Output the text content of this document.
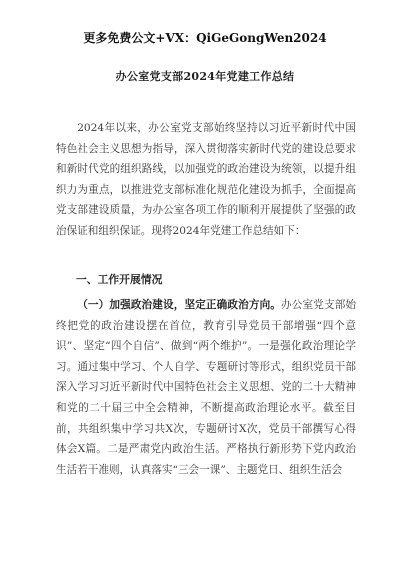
更多免费公文+VX：QiGeGongWen2024
办公室党支部2024年党建工作总结

2024年以来，办公室党支部始终坚持以习近平新时代中国特色社会主义思想为指导，深入贯彻落实新时代党的建设总要求和新时代党的组织路线，以加强党的政治建设为统领，以提升组织力为重点，以推进党支部标准化规范化建设为抓手，全面提高党支部建设质量，为办公室各项工作的顺利开展提供了坚强的政治保证和组织保证。现将2024年党建工作总结如下：

一、工作开展情况

（一）加强政治建设，坚定正确政治方向。办公室党支部始终把党的政治建设摆在首位，教育引导党员干部增强“四个意识”、坚定“四个自信”、做到“两个维护”。一是强化政治理论学习。通过集中学习、个人自学、专题研讨等形式，组织党员干部深入学习习近平新时代中国特色社会主义思想、党的二十大精神和党的二十届三中全会精神，不断提高政治理论水平。截至目前，共组织集中学习共X次，专题研讨X次，党员干部撰写心得体会X篇。二是严肃党内政治生活。严格执行新形势下党内政治生活若干准则，认真落实“三会一课”、主题党日、组织生活会
